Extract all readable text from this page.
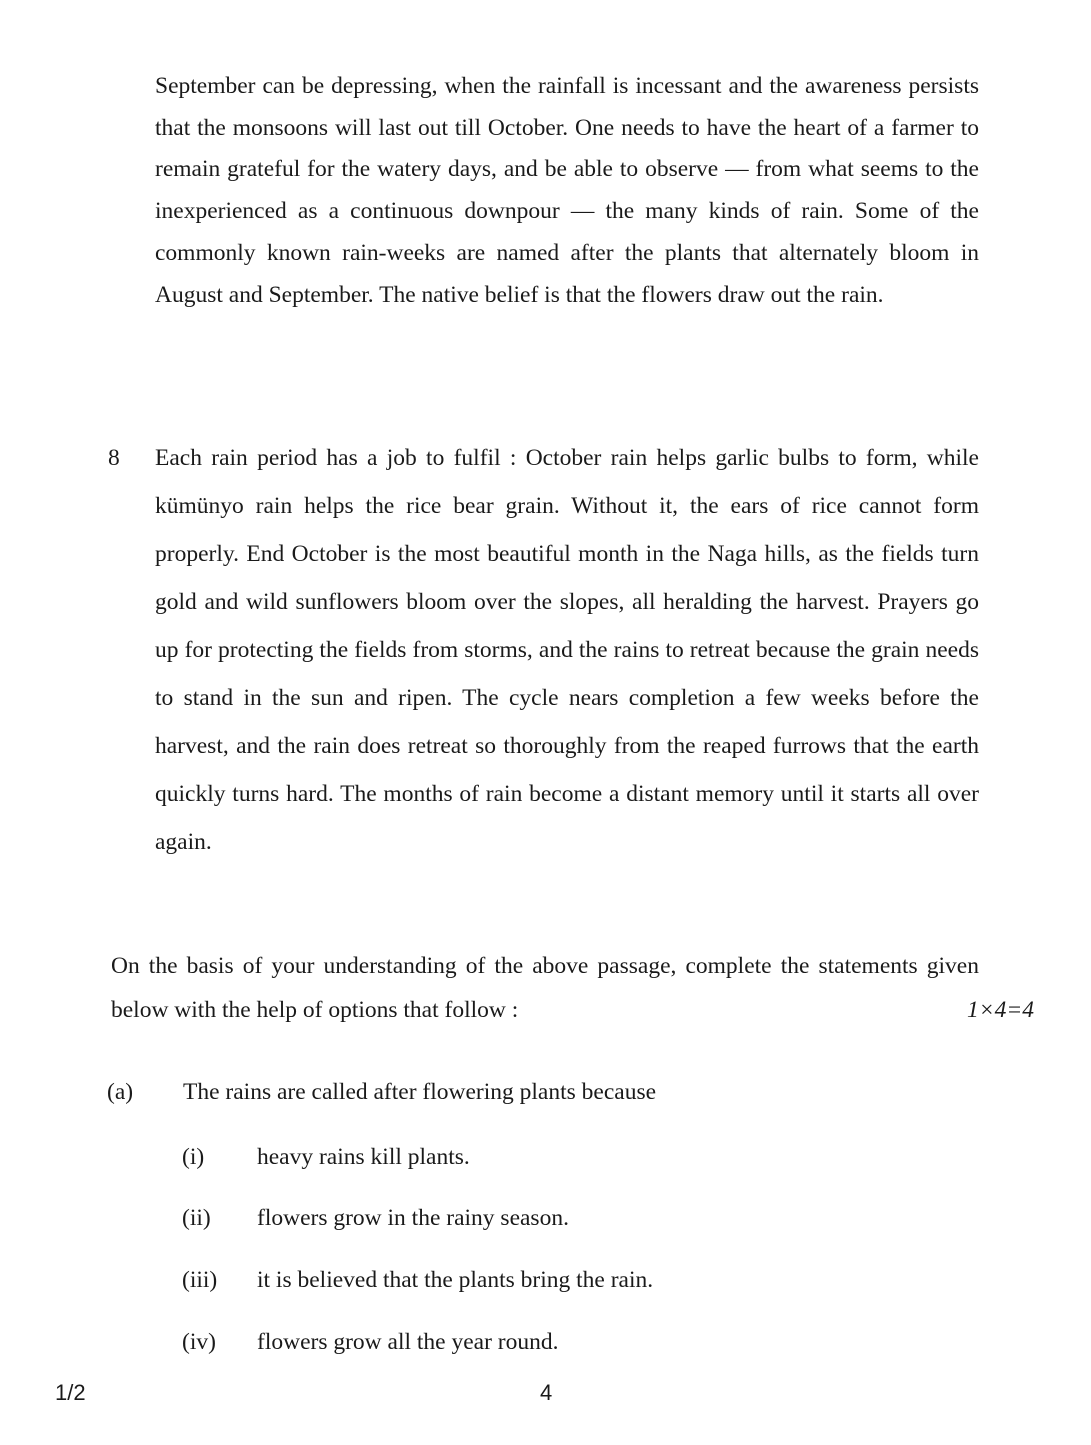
September can be depressing, when the rainfall is incessant and the awareness persists that the monsoons will last out till October. One needs to have the heart of a farmer to remain grateful for the watery days, and be able to observe — from what seems to the inexperienced as a continuous downpour — the many kinds of rain. Some of the commonly known rain-weeks are named after the plants that alternately bloom in August and September. The native belief is that the flowers draw out the rain.

8 Each rain period has a job to fulfil : October rain helps garlic bulbs to form, while kümünyo rain helps the rice bear grain. Without it, the ears of rice cannot form properly. End October is the most beautiful month in the Naga hills, as the fields turn gold and wild sunflowers bloom over the slopes, all heralding the harvest. Prayers go up for protecting the fields from storms, and the rains to retreat because the grain needs to stand in the sun and ripen. The cycle nears completion a few weeks before the harvest, and the rain does retreat so thoroughly from the reaped furrows that the earth quickly turns hard. The months of rain become a distant memory until it starts all over again.

On the basis of your understanding of the above passage, complete the statements given below with the help of options that follow :	1×4=4
(a) The rains are called after flowering plants because
(i) heavy rains kill plants.
(ii) flowers grow in the rainy season.
(iii) it is believed that the plants bring the rain.
(iv) flowers grow all the year round.
1/2	4
